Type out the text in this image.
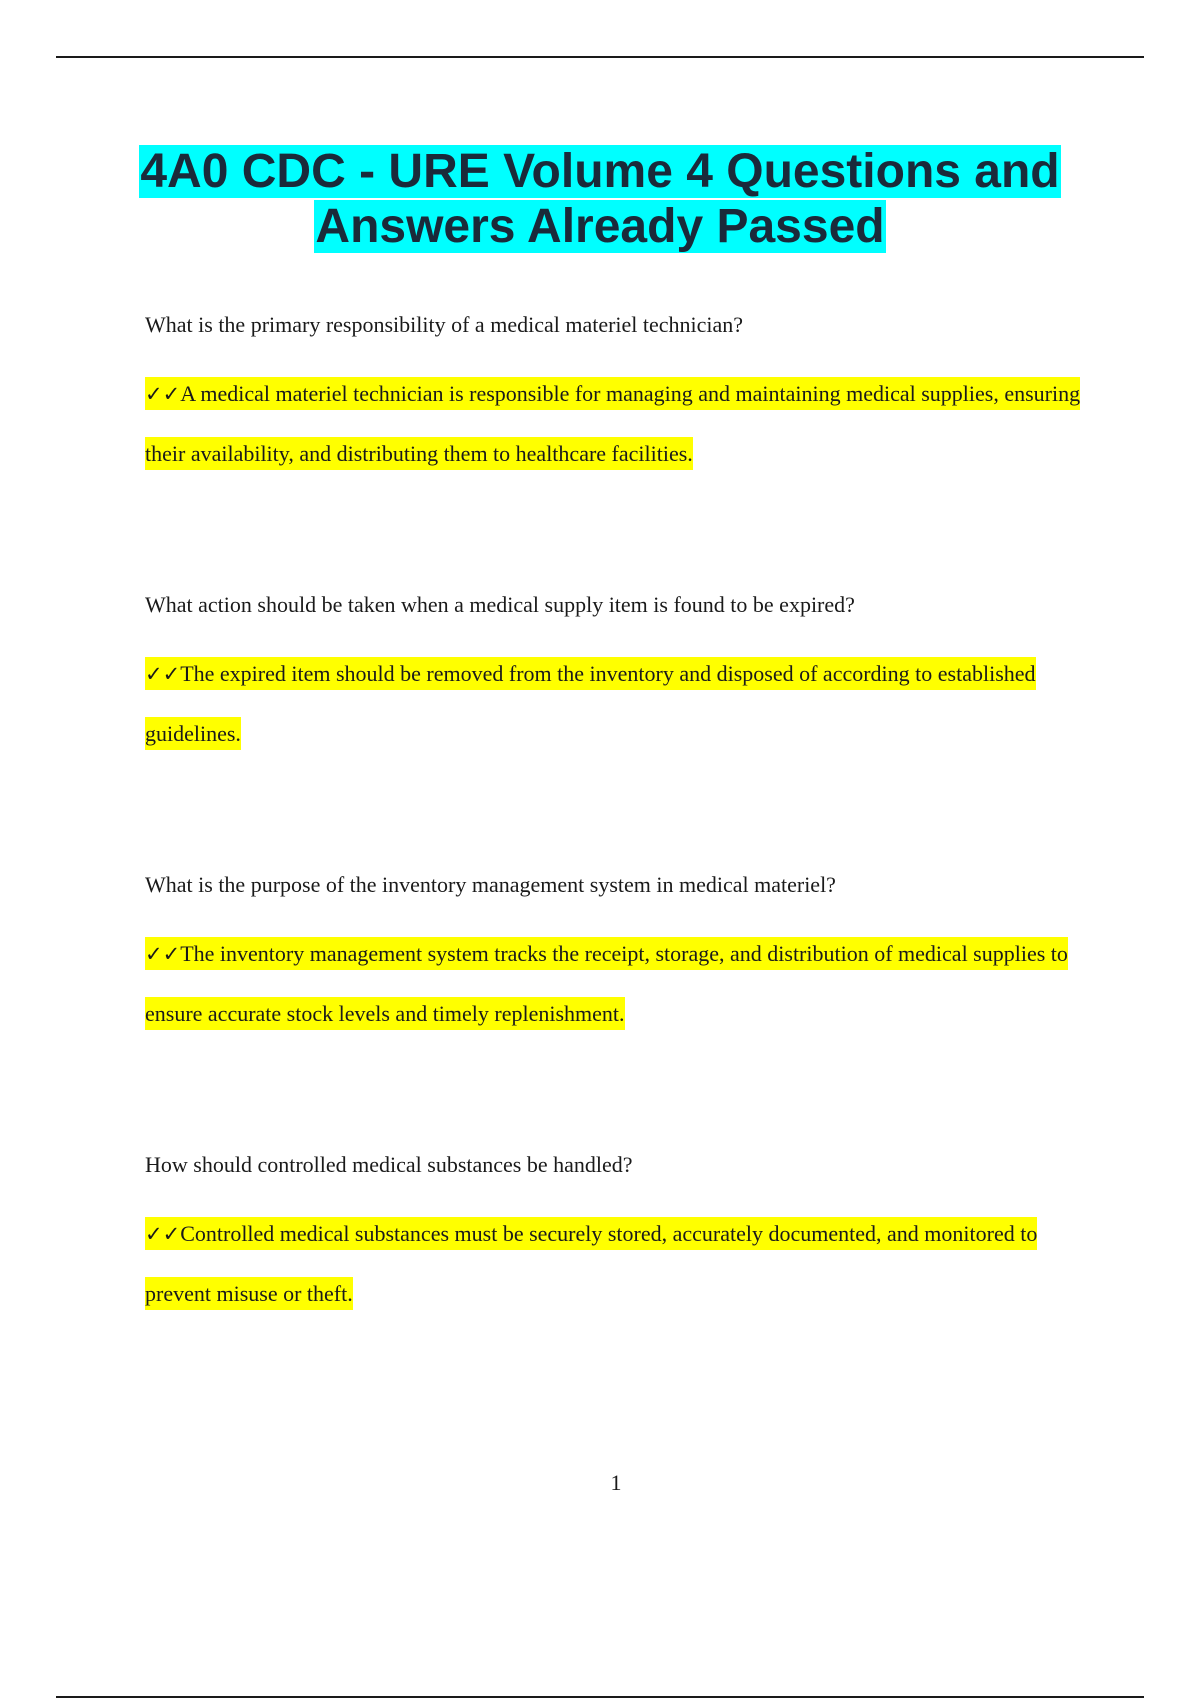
4A0 CDC - URE Volume 4 Questions and Answers Already Passed

What is the primary responsibility of a medical materiel technician?

✓✓A medical materiel technician is responsible for managing and maintaining medical supplies, ensuring their availability, and distributing them to healthcare facilities.

What action should be taken when a medical supply item is found to be expired?

✓✓The expired item should be removed from the inventory and disposed of according to established guidelines.

What is the purpose of the inventory management system in medical materiel?

✓✓The inventory management system tracks the receipt, storage, and distribution of medical supplies to ensure accurate stock levels and timely replenishment.

How should controlled medical substances be handled?

✓✓Controlled medical substances must be securely stored, accurately documented, and monitored to prevent misuse or theft.

1
